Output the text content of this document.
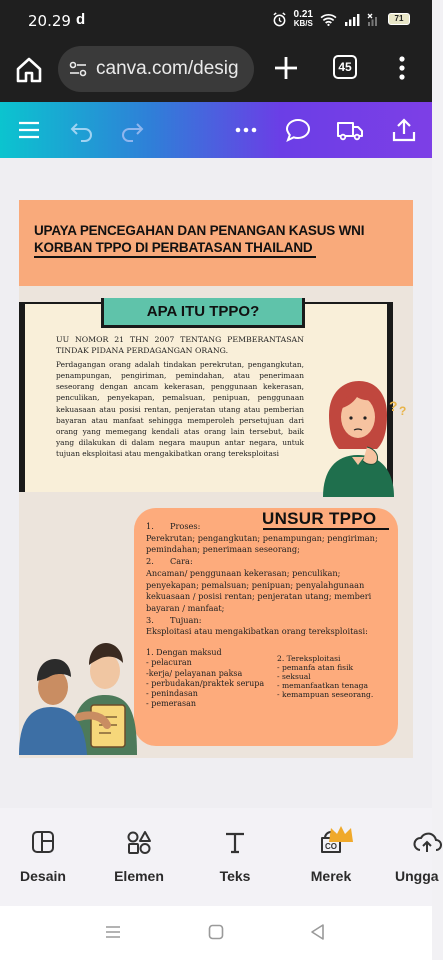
20.29 d	0.21
KB/S
71
canva.com/desig	45
UPAYA PENCEGAHAN DAN PENANGAN KASUS WNI KORBAN TPPO DI PERBATASAN THAILAND
APA ITU TPPO?
UU NOMOR 21 THN 2007 TENTANG PEMBERANTASAN TINDAK PIDANA PERDAGANGAN ORANG.
Perdagangan orang adalah tindakan perekrutan, pengangkutan, penampungan, pengiriman, pemindahan, atau penerimaan seseorang dengan ancam kekerasan, penggunaan kekerasan, penculikan, penyekapan, pemalsuan, penipuan, penggunaan kekuasaan atau posisi rentan, penjeratan utang atau pemberian bayaran atau manfaat sehingga memperoleh persetujuan dari orang yang memegang kendali atas orang lain tersebut, baik yang dilakukan di dalam negara maupun antar negara, untuk tujuan eksploitasi atau mengakibatkan orang tereksploitasi
? ?
UNSUR TPPO
1. Proses:
Perekrutan; pengangkutan; penampungan; pengiriman; pemindahan; penerimaan seseorang;
2. Cara:
Ancaman/ penggunaan kekerasan; penculikan; penyekapan; pemalsuan; penipuan; penyalahgunaan kekuasaan / posisi rentan; penjeratan utang; memberi bayaran / manfaat;
3. Tujuan:
Eksploitasi atau mengakibatkan orang tereksploitasi:
1. Dengan maksud
- pelacuran
-kerja/ pelayanan paksa
- perbudakan/praktek serupa
- penindasan
- pemerasan
2. Tereksploitasi
- pemanfa atan fisik
- seksual
- memanfaatkan tenaga
- kemampuan seseorang.
Desain	Elemen	Teks
CO
Merek	Ungga
